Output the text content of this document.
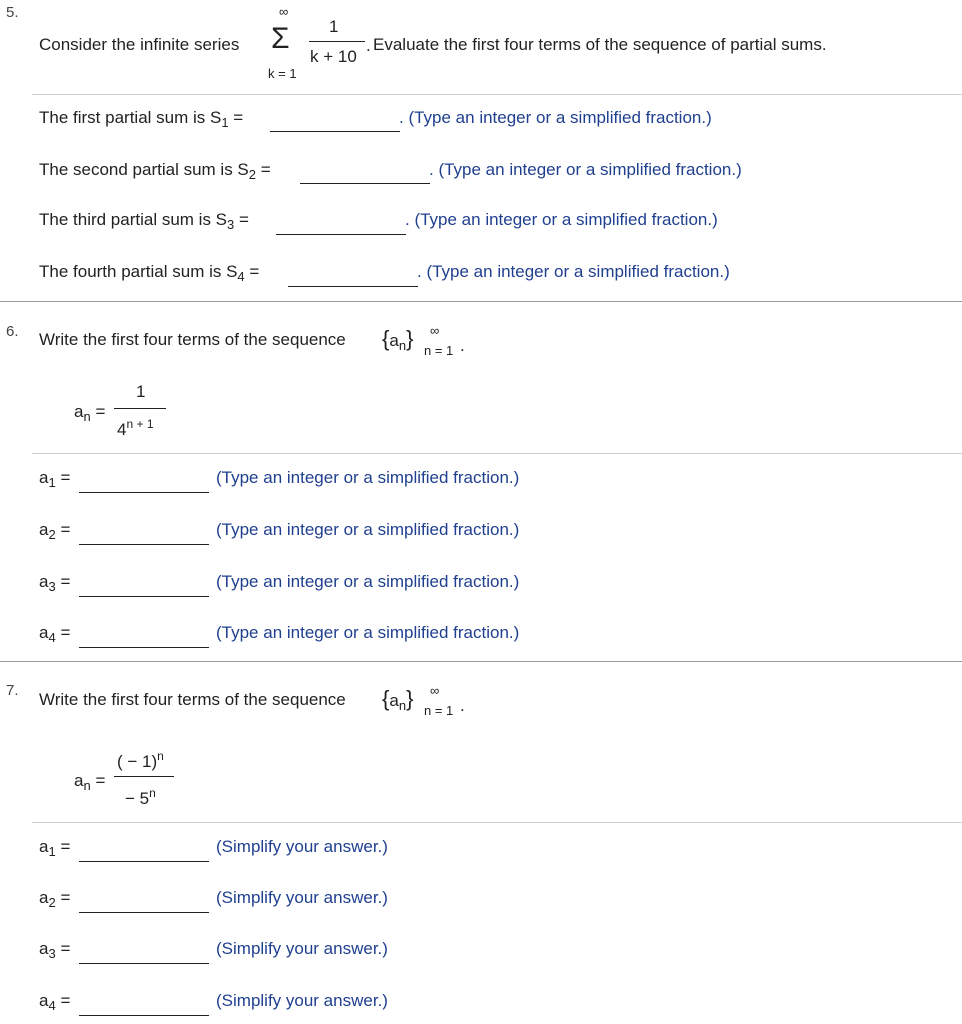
5.
Consider the infinite series
∞
Σ
k = 1
1
k + 10
. Evaluate the first four terms of the sequence of partial sums.
The first partial sum is $S_1$ =	. (Type an integer or a simplified fraction.)
The second partial sum is $S_2$ =	. (Type an integer or a simplified fraction.)
The third partial sum is $S_3$ =	. (Type an integer or a simplified fraction.)
The fourth partial sum is $S_4$ =	. (Type an integer or a simplified fraction.)
6. Write the first four terms of the sequence $\{a_n\}$ ∞
n = 1 .
$a_n$ =
1
$4^{n + 1}$
$a_1$ =	(Type an integer or a simplified fraction.)
$a_2$ =	(Type an integer or a simplified fraction.)
$a_3$ =	(Type an integer or a simplified fraction.)
$a_4$ =	(Type an integer or a simplified fraction.)
7. Write the first four terms of the sequence $\{a_n\}$ ∞
n = 1 .
$a_n$ =
( − 1)$^n$
− $5^n$
$a_1$ =	(Simplify your answer.)
$a_2$ =	(Simplify your answer.)
$a_3$ =	(Simplify your answer.)
$a_4$ =	(Simplify your answer.)
